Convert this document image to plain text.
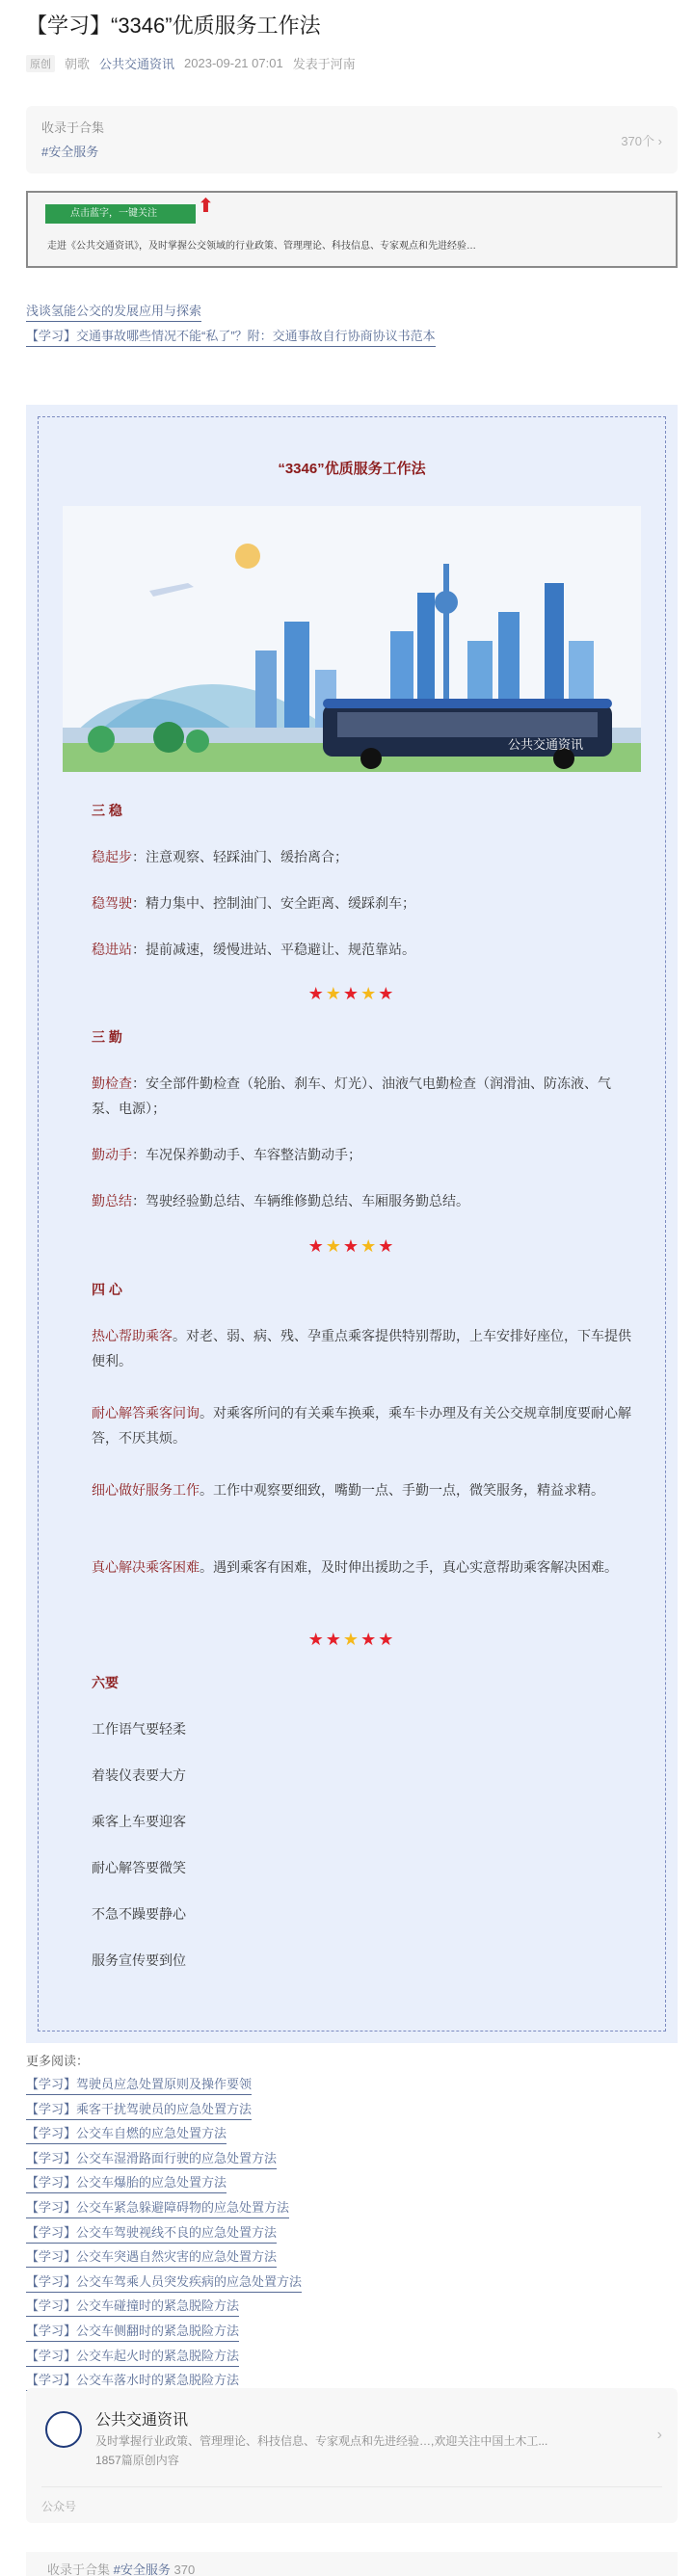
【学习】“3346”优质服务工作法
原创	朝歌 公共交通资讯 2023-09-21 07:01 发表于河南
收录于合集
#安全服务
370个 ›
点击蓝字，一键关注 ⬆
走进《公共交通资讯》，及时掌握公交领域的行业政策、管理理论、科技信息、专家观点和先进经验…
浅谈氢能公交的发展应用与探索
【学习】交通事故哪些情况不能“私了”？附：交通事故自行协商协议书范本
“3346”优质服务工作法
公共交通资讯
三 稳
稳起步：注意观察、轻踩油门、缓抬离合；
稳驾驶：精力集中、控制油门、安全距离、缓踩刹车；
稳进站：提前减速，缓慢进站、平稳避让、规范靠站。
★★★★★
三 勤
勤检查：安全部件勤检查（轮胎、刹车、灯光）、油液气电勤检查（润滑油、防冻液、气泵、电源）；
勤动手：车况保养勤动手、车容整洁勤动手；
勤总结：驾驶经验勤总结、车辆维修勤总结、车厢服务勤总结。
★★★★★
四 心
热心帮助乘客。对老、弱、病、残、孕重点乘客提供特别帮助，上车安排好座位，下车提供便利。
耐心解答乘客问询。对乘客所问的有关乘车换乘，乘车卡办理及有关公交规章制度要耐心解答，不厌其烦。
细心做好服务工作。工作中观察要细致，嘴勤一点、手勤一点，微笑服务，精益求精。
真心解决乘客困难。遇到乘客有困难，及时伸出援助之手，真心实意帮助乘客解决困难。
★★★★★
六要
工作语气要轻柔
着装仪表要大方
乘客上车要迎客
耐心解答要微笑
不急不躁要静心
服务宣传要到位
更多阅读：
【学习】驾驶员应急处置原则及操作要领
【学习】乘客干扰驾驶员的应急处置方法
【学习】公交车自燃的应急处置方法
【学习】公交车湿滑路面行驶的应急处置方法
【学习】公交车爆胎的应急处置方法
【学习】公交车紧急躲避障碍物的应急处置方法
【学习】公交车驾驶视线不良的应急处置方法
【学习】公交车突遇自然灾害的应急处置方法
【学习】公交车驾乘人员突发疾病的应急处置方法
【学习】公交车碰撞时的紧急脱险方法
【学习】公交车侧翻时的紧急脱险方法
【学习】公交车起火时的紧急脱险方法
【学习】公交车落水时的紧急脱险方法
公共交通资讯
及时掌握行业政策、管理理论、科技信息、专家观点和先进经验…,欢迎关注中国土木工...
1857篇原创内容
›
公众号
收录于合集 #安全服务 370
